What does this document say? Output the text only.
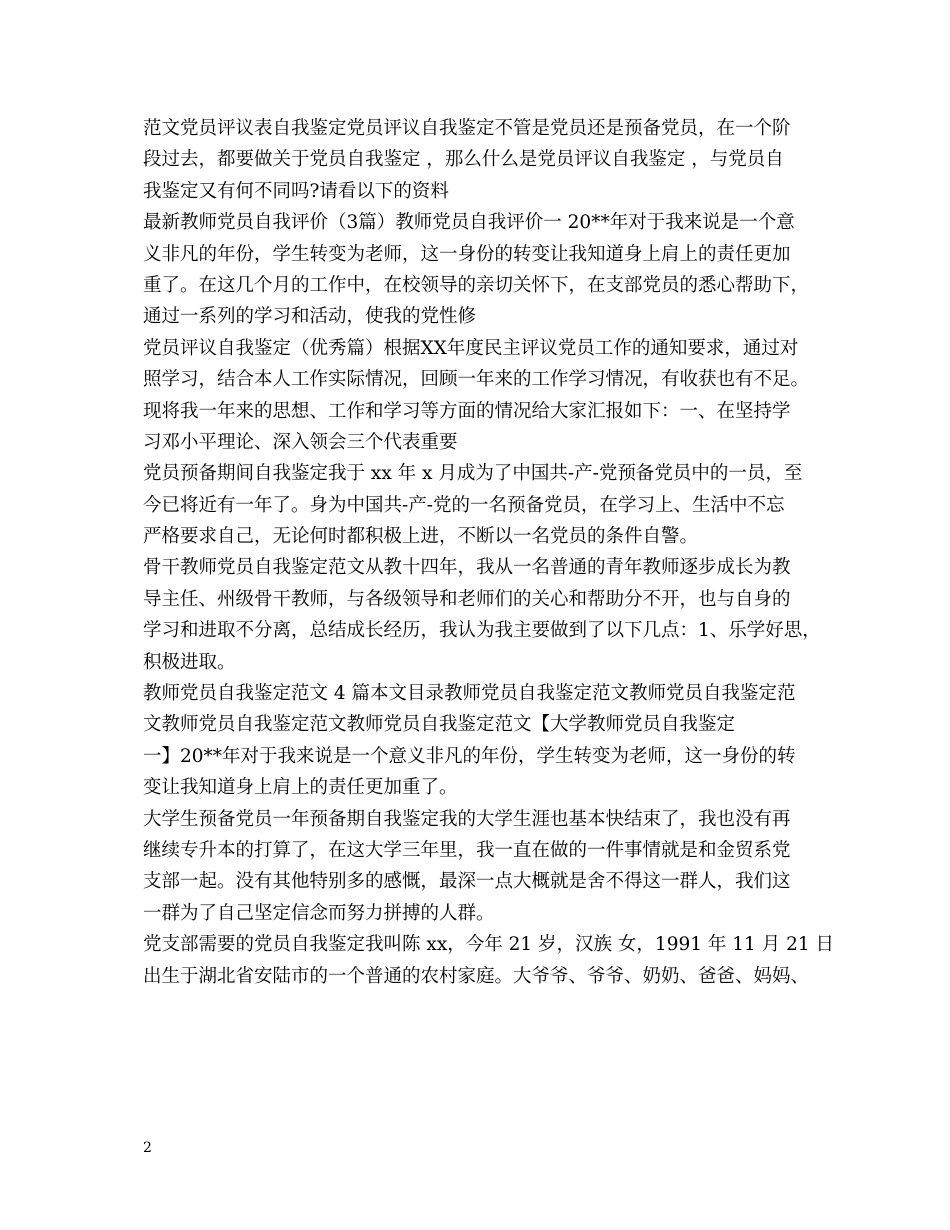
范文党员评议表自我鉴定党员评议自我鉴定不管是党员还是预备党员，在一个阶
段过去，都要做关于党员自我鉴定 ，那么什么是党员评议自我鉴定 ，与党员自
我鉴定又有何不同吗?请看以下的资料
最新教师党员自我评价（3篇）教师党员自我评价一 20**年对于我来说是一个意
义非凡的年份，学生转变为老师，这一身份的转变让我知道身上肩上的责任更加
重了。在这几个月的工作中，在校领导的亲切关怀下，在支部党员的悉心帮助下，
通过一系列的学习和活动，使我的党性修
党员评议自我鉴定（优秀篇）根据XX年度民主评议党员工作的通知要求，通过对
照学习，结合本人工作实际情况，回顾一年来的工作学习情况，有收获也有不足。
现将我一年来的思想、工作和学习等方面的情况给大家汇报如下：一、在坚持学
习邓小平理论、深入领会三个代表重要
党员预备期间自我鉴定我于 xx 年 x 月成为了中国共-产-党预备党员中的一员，至
今已将近有一年了。身为中国共-产-党的一名预备党员，在学习上、生活中不忘
严格要求自己，无论何时都积极上进，不断以一名党员的条件自警。
骨干教师党员自我鉴定范文从教十四年，我从一名普通的青年教师逐步成长为教
导主任、州级骨干教师，与各级领导和老师们的关心和帮助分不开，也与自身的
学习和进取不分离，总结成长经历，我认为我主要做到了以下几点：1、乐学好思，
积极进取。
教师党员自我鉴定范文 4 篇本文目录教师党员自我鉴定范文教师党员自我鉴定范
文教师党员自我鉴定范文教师党员自我鉴定范文【大学教师党员自我鉴定
一】20**年对于我来说是一个意义非凡的年份，学生转变为老师，这一身份的转
变让我知道身上肩上的责任更加重了。
大学生预备党员一年预备期自我鉴定我的大学生涯也基本快结束了，我也没有再
继续专升本的打算了，在这大学三年里，我一直在做的一件事情就是和金贸系党
支部一起。没有其他特别多的感慨，最深一点大概就是舍不得这一群人，我们这
一群为了自己坚定信念而努力拼搏的人群。
党支部需要的党员自我鉴定我叫陈 xx，今年 21 岁，汉族 女，1991 年 11 月 21 日
出生于湖北省安陆市的一个普通的农村家庭。大爷爷、爷爷、奶奶、爸爸、妈妈、
2
